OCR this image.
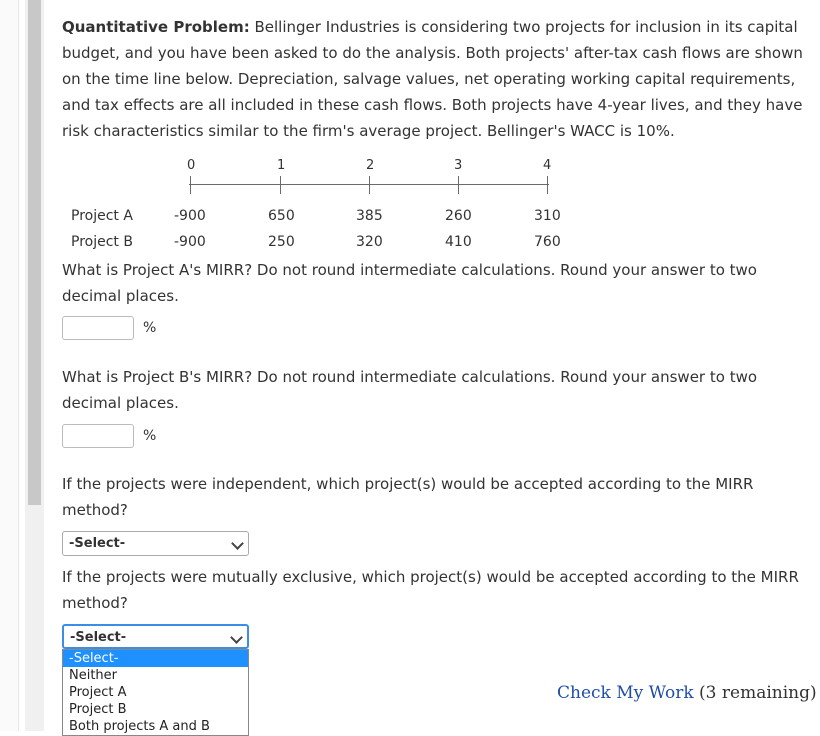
Quantitative Problem: Bellinger Industries is considering two projects for inclusion in its capital budget, and you have been asked to do the analysis. Both projects' after-tax cash flows are shown on the time line below. Depreciation, salvage values, net operating working capital requirements, and tax effects are all included in these cash flows. Both projects have 4-year lives, and they have risk characteristics similar to the firm's average project. Bellinger's WACC is 10%.

0	1	2	3	4
Project A	-900	650	385	260	310
Project B	-900	250	320	410	760
What is Project A's MIRR? Do not round intermediate calculations. Round your answer to two decimal places.
%
What is Project B's MIRR? Do not round intermediate calculations. Round your answer to two decimal places.
%
If the projects were independent, which project(s) would be accepted according to the MIRR method?
-Select-
If the projects were mutually exclusive, which project(s) would be accepted according to the MIRR method?
-Select-
-Select-
Neither
Project A
Project B
Both projects A and B
Check My Work (3 remaining)
